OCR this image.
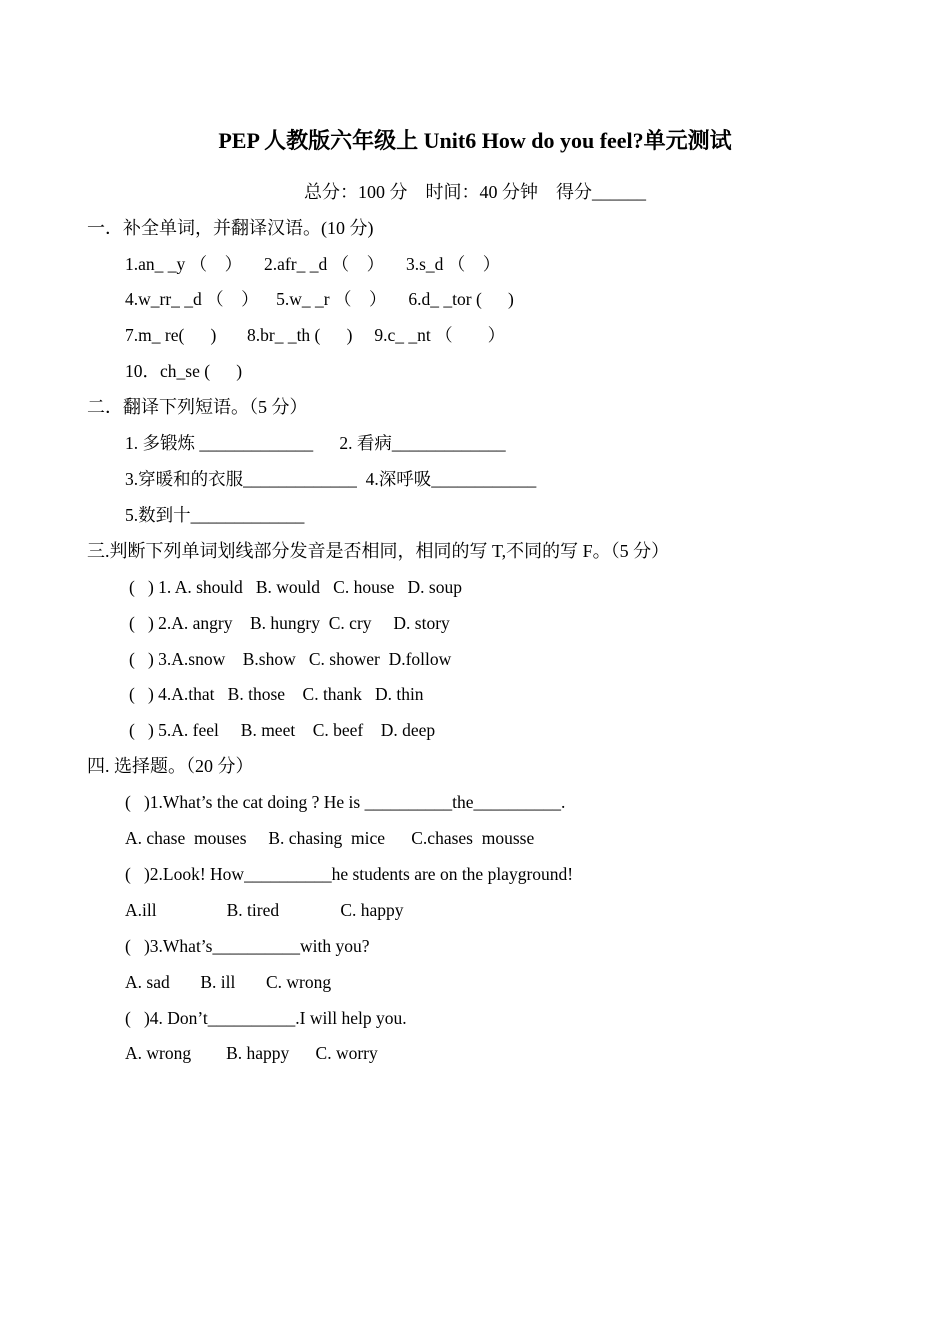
PEP 人教版六年级上 Unit6 How do you feel?单元测试
总分：100 分    时间：40 分钟    得分______
一．补全单词，并翻译汉语。(10 分)
1.an_ _y （    ）     2.afr_ _d （    ）     3.s_d （    ）
4.w_rr_ _d （    ）    5.w_ _r （    ）     6.d_ _tor (      )
7.m_ re(      )       8.br_ _th (      )     9.c_ _nt （        ）
10．ch_se (      )
二．翻译下列短语。（5 分）
1. 多锻炼 _____________      2. 看病_____________
3.穿暖和的衣服_____________  4.深呼吸____________
5.数到十_____________
三.判断下列单词划线部分发音是否相同，相同的写 T,不同的写 F。（5 分）
(   ) 1. A. should   B. would   C. house   D. soup
(   ) 2.A. angry    B. hungry  C. cry     D. story
(   ) 3.A.snow    B.show   C. shower  D.follow
(   ) 4.A.that   B. those    C. thank   D. thin
(   ) 5.A. feel     B. meet    C. beef    D. deep
四. 选择题。（20 分）
(   )1.What’s the cat doing ? He is __________the__________.
A. chase  mouses     B. chasing  mice      C.chases  mousse
(   )2.Look! How__________he students are on the playground!
A.ill                B. tired              C. happy
(   )3.What’s__________with you?
A. sad       B. ill       C. wrong
(   )4. Don’t__________.I will help you.
A. wrong        B. happy      C. worry
